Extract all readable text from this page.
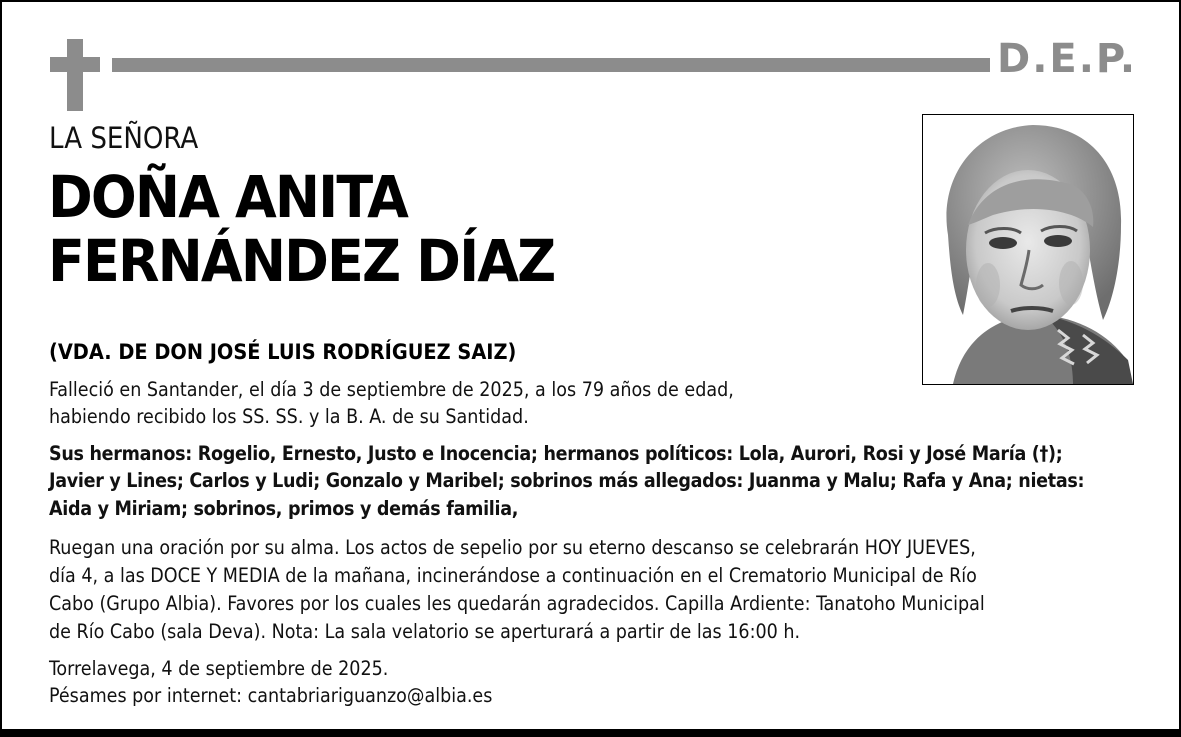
D.E.P.
LA SEÑORA
DOÑA ANITA
FERNÁNDEZ DÍAZ
(VDA. DE DON JOSÉ LUIS RODRÍGUEZ SAIZ)
Falleció en Santander, el día 3 de septiembre de 2025, a los 79 años de edad,
habiendo recibido los SS. SS. y la B. A. de su Santidad.
Sus hermanos: Rogelio, Ernesto, Justo e Inocencia; hermanos políticos: Lola, Aurori, Rosi y José María (†);
Javier y Lines; Carlos y Ludi; Gonzalo y Maribel; sobrinos más allegados: Juanma y Malu; Rafa y Ana; nietas:
Aida y Miriam; sobrinos, primos y demás familia,
Ruegan una oración por su alma. Los actos de sepelio por su eterno descanso se celebrarán HOY JUEVES,
día 4, a las DOCE Y MEDIA de la mañana, incinerándose a continuación en el Crematorio Municipal de Río
Cabo (Grupo Albia). Favores por los cuales les quedarán agradecidos. Capilla Ardiente: Tanatoho Municipal
de Río Cabo (sala Deva). Nota: La sala velatorio se aperturará a partir de las 16:00 h.
Torrelavega, 4 de septiembre de 2025.
Pésames por internet: cantabriariguanzo@albia.es
